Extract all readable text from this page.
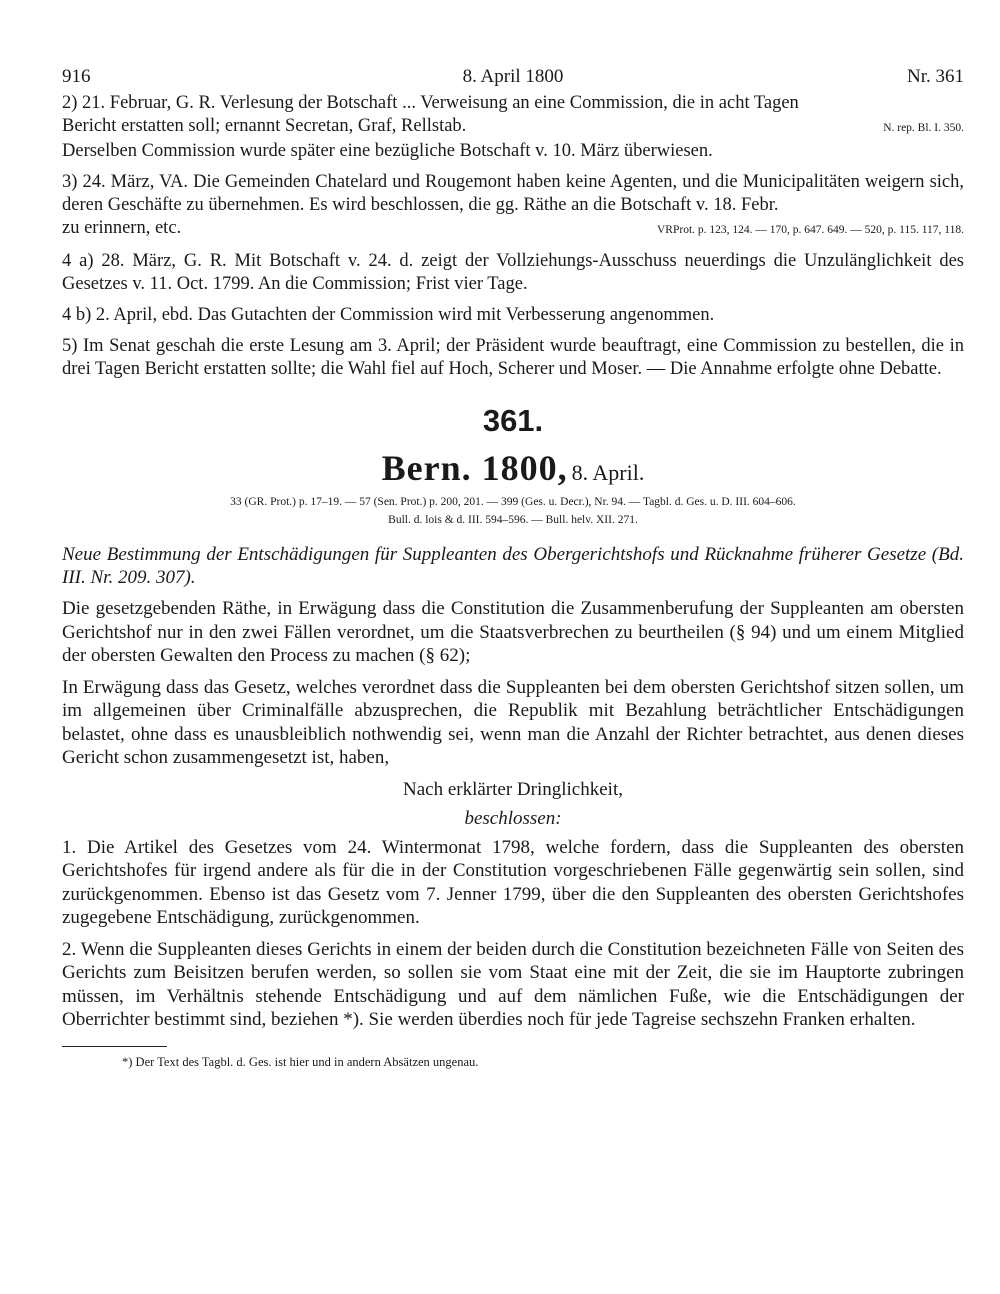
916	8. April 1800	Nr. 361
2) 21. Februar, G. R. Verlesung der Botschaft ... Verweisung an eine Commission, die in acht Tagen
Bericht erstatten soll; ernannt Secretan, Graf, Rellstab.	N. rep. Bl. I. 350.
Derselben Commission wurde später eine bezügliche Botschaft v. 10. März überwiesen.
3) 24. März, VA. Die Gemeinden Chatelard und Rougemont haben keine Agenten, und die Municipalitäten weigern sich, deren Geschäfte zu übernehmen. Es wird beschlossen, die gg. Räthe an die Botschaft v. 18. Febr.
zu erinnern, etc.	VRProt. p. 123, 124. — 170, p. 647. 649. — 520, p. 115. 117, 118.
4 a) 28. März, G. R. Mit Botschaft v. 24. d. zeigt der Vollziehungs-Ausschuss neuerdings die Unzulänglichkeit des Gesetzes v. 11. Oct. 1799. An die Commission; Frist vier Tage.
4 b) 2. April, ebd. Das Gutachten der Commission wird mit Verbesserung angenommen.
5) Im Senat geschah die erste Lesung am 3. April; der Präsident wurde beauftragt, eine Commission zu bestellen, die in drei Tagen Bericht erstatten sollte; die Wahl fiel auf Hoch, Scherer und Moser. — Die Annahme erfolgte ohne Debatte.
361.
Bern. 1800, 8. April.
33 (GR. Prot.) p. 17–19. — 57 (Sen. Prot.) p. 200, 201. — 399 (Ges. u. Decr.), Nr. 94. — Tagbl. d. Ges. u. D. III. 604–606.
Bull. d. lois & d. III. 594–596. — Bull. helv. XII. 271.
Neue Bestimmung der Entschädigungen für Suppleanten des Obergerichtshofs und Rücknahme früherer Gesetze (Bd. III. Nr. 209. 307).

Die gesetzgebenden Räthe, in Erwägung dass die Constitution die Zusammenberufung der Suppleanten am obersten Gerichtshof nur in den zwei Fällen verordnet, um die Staatsverbrechen zu beurtheilen (§ 94) und um einem Mitglied der obersten Gewalten den Process zu machen (§ 62);

In Erwägung dass das Gesetz, welches verordnet dass die Suppleanten bei dem obersten Gerichtshof sitzen sollen, um im allgemeinen über Criminalfälle abzusprechen, die Republik mit Bezahlung beträchtlicher Entschädigungen belastet, ohne dass es unausbleiblich nothwendig sei, wenn man die Anzahl der Richter betrachtet, aus denen dieses Gericht schon zusammengesetzt ist, haben,

Nach erklärter Dringlichkeit,
beschlossen:

1. Die Artikel des Gesetzes vom 24. Wintermonat 1798, welche fordern, dass die Suppleanten des obersten Gerichtshofes für irgend andere als für die in der Constitution vorgeschriebenen Fälle gegenwärtig sein sollen, sind zurückgenommen. Ebenso ist das Gesetz vom 7. Jenner 1799, über die den Suppleanten des obersten Gerichtshofes zugegebene Entschädigung, zurückgenommen.

2. Wenn die Suppleanten dieses Gerichts in einem der beiden durch die Constitution bezeichneten Fälle von Seiten des Gerichts zum Beisitzen berufen werden, so sollen sie vom Staat eine mit der Zeit, die sie im Hauptorte zubringen müssen, im Verhältnis stehende Entschädigung und auf dem nämlichen Fuße, wie die Entschädigungen der Oberrichter bestimmt sind, beziehen *). Sie werden überdies noch für jede Tagreise sechszehn Franken erhalten.

*) Der Text des Tagbl. d. Ges. ist hier und in andern Absätzen ungenau.
